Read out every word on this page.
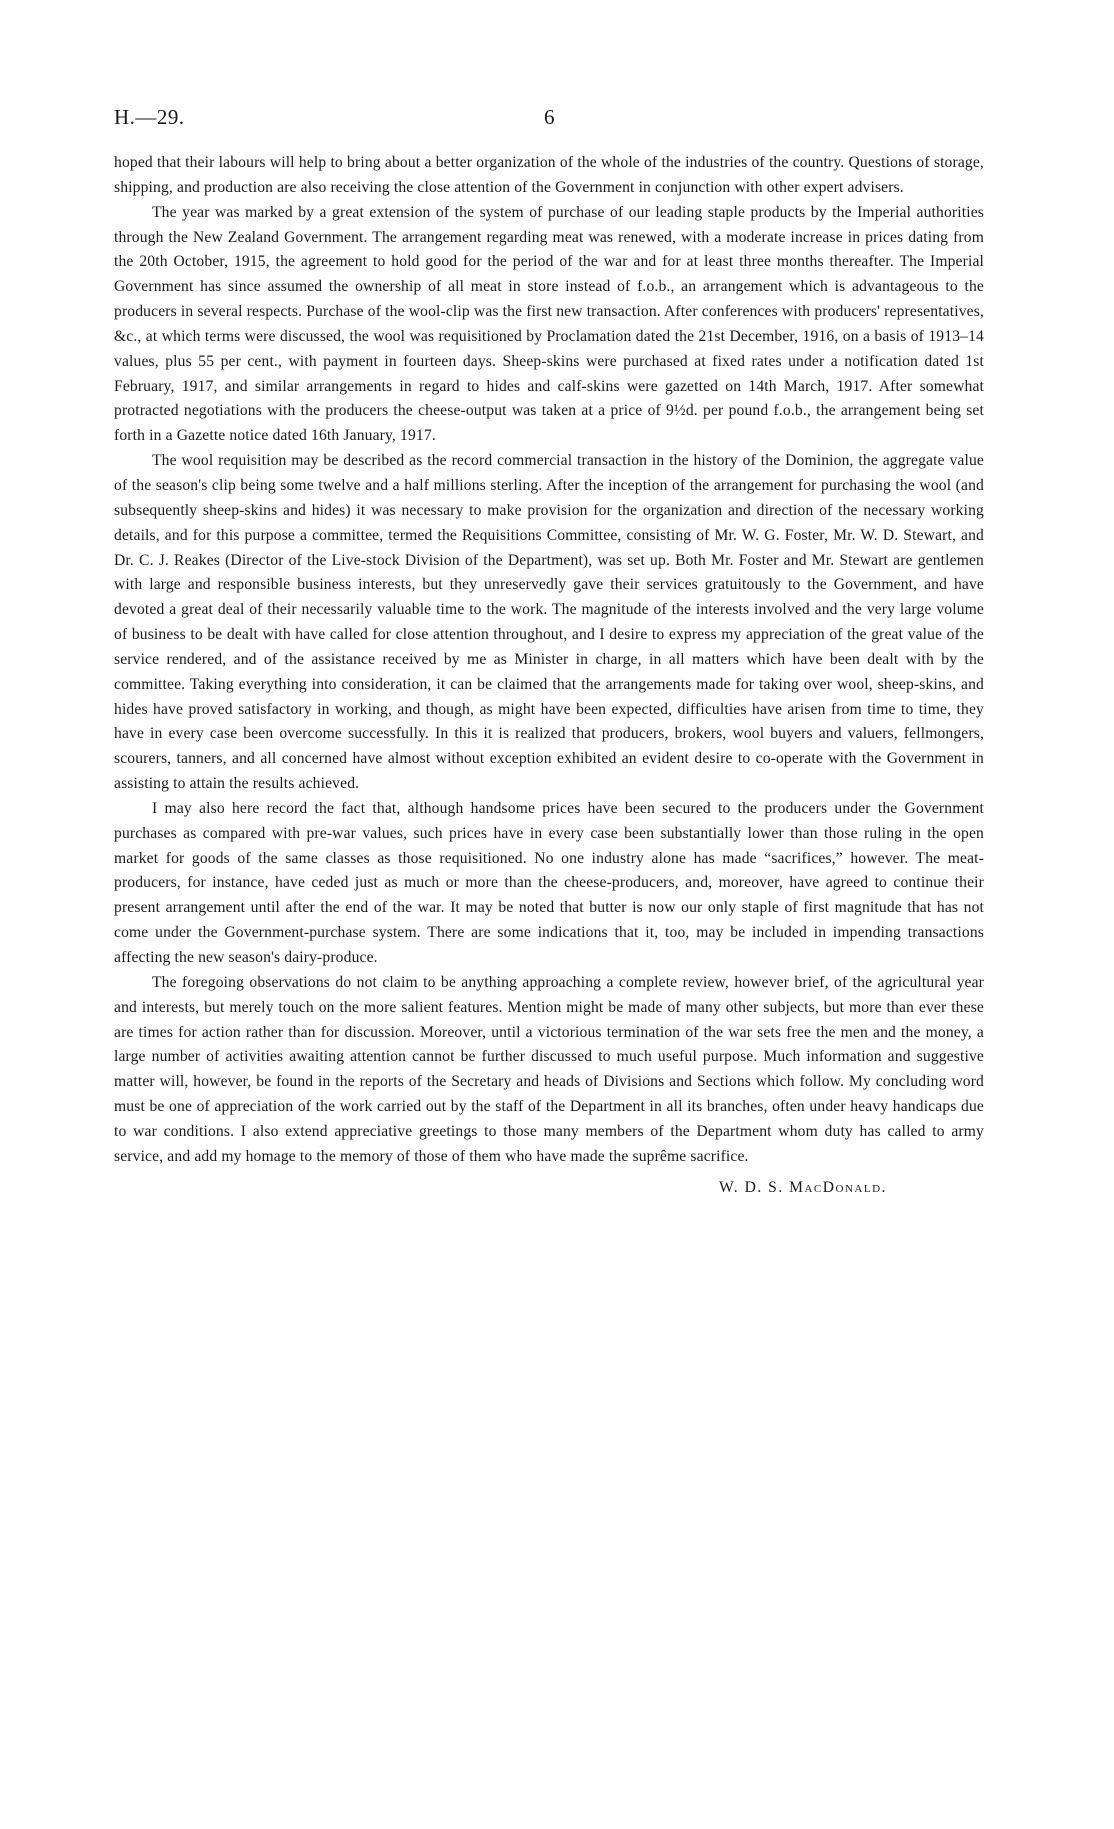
H.—29.	6

hoped that their labours will help to bring about a better organization of the whole of the industries of the country. Questions of storage, shipping, and production are also receiving the close attention of the Government in conjunction with other expert advisers.

The year was marked by a great extension of the system of purchase of our leading staple products by the Imperial authorities through the New Zealand Government. The arrangement regarding meat was renewed, with a moderate increase in prices dating from the 20th October, 1915, the agreement to hold good for the period of the war and for at least three months thereafter. The Imperial Government has since assumed the ownership of all meat in store instead of f.o.b., an arrangement which is advantageous to the producers in several respects. Purchase of the wool-clip was the first new transaction. After conferences with producers' representatives, &c., at which terms were discussed, the wool was requisitioned by Proclamation dated the 21st December, 1916, on a basis of 1913–14 values, plus 55 per cent., with payment in fourteen days. Sheep-skins were purchased at fixed rates under a notification dated 1st February, 1917, and similar arrangements in regard to hides and calf-skins were gazetted on 14th March, 1917. After somewhat protracted negotiations with the producers the cheese-output was taken at a price of 9½d. per pound f.o.b., the arrangement being set forth in a Gazette notice dated 16th January, 1917.

The wool requisition may be described as the record commercial transaction in the history of the Dominion, the aggregate value of the season's clip being some twelve and a half millions sterling. After the inception of the arrangement for purchasing the wool (and subsequently sheep-skins and hides) it was necessary to make provision for the organization and direction of the necessary working details, and for this purpose a committee, termed the Requisitions Committee, consisting of Mr. W. G. Foster, Mr. W. D. Stewart, and Dr. C. J. Reakes (Director of the Live-stock Division of the Department), was set up. Both Mr. Foster and Mr. Stewart are gentlemen with large and responsible business interests, but they unreservedly gave their services gratuitously to the Government, and have devoted a great deal of their necessarily valuable time to the work. The magnitude of the interests involved and the very large volume of business to be dealt with have called for close attention throughout, and I desire to express my appreciation of the great value of the service rendered, and of the assistance received by me as Minister in charge, in all matters which have been dealt with by the committee. Taking everything into consideration, it can be claimed that the arrangements made for taking over wool, sheep-skins, and hides have proved satisfactory in working, and though, as might have been expected, difficulties have arisen from time to time, they have in every case been overcome successfully. In this it is realized that producers, brokers, wool buyers and valuers, fellmongers, scourers, tanners, and all concerned have almost without exception exhibited an evident desire to co-operate with the Government in assisting to attain the results achieved.

I may also here record the fact that, although handsome prices have been secured to the producers under the Government purchases as compared with pre-war values, such prices have in every case been substantially lower than those ruling in the open market for goods of the same classes as those requisitioned. No one industry alone has made “sacrifices,” however. The meat-producers, for instance, have ceded just as much or more than the cheese-producers, and, moreover, have agreed to continue their present arrangement until after the end of the war. It may be noted that butter is now our only staple of first magnitude that has not come under the Government-purchase system. There are some indications that it, too, may be included in impending transactions affecting the new season's dairy-produce.

The foregoing observations do not claim to be anything approaching a complete review, however brief, of the agricultural year and interests, but merely touch on the more salient features. Mention might be made of many other subjects, but more than ever these are times for action rather than for discussion. Moreover, until a victorious termination of the war sets free the men and the money, a large number of activities awaiting attention cannot be further discussed to much useful purpose. Much information and suggestive matter will, however, be found in the reports of the Secretary and heads of Divisions and Sections which follow. My concluding word must be one of appreciation of the work carried out by the staff of the Department in all its branches, often under heavy handicaps due to war conditions. I also extend appreciative greetings to those many members of the Department whom duty has called to army service, and add my homage to the memory of those of them who have made the suprême sacrifice.

W. D. S. MacDonald.
